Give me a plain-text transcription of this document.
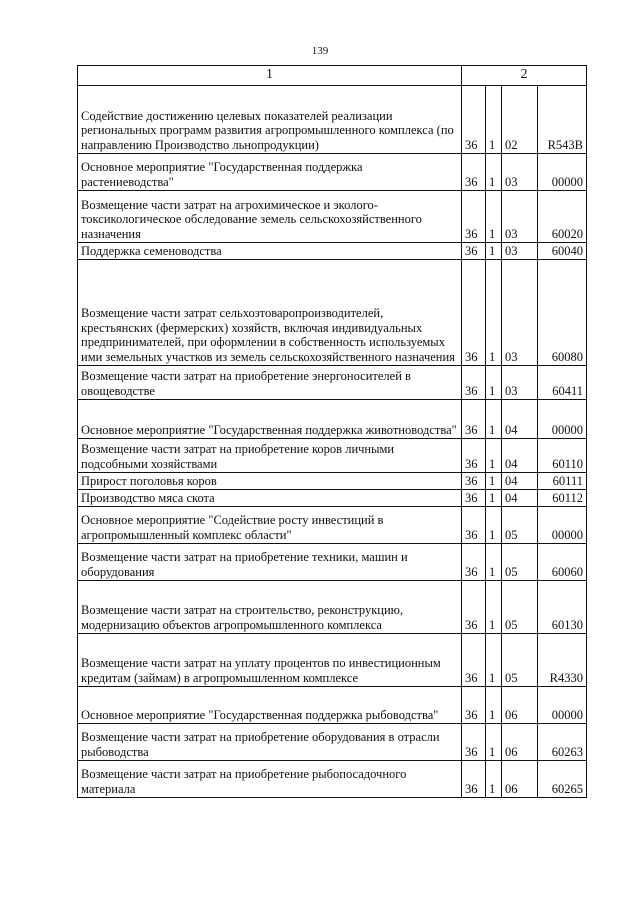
139
1	2			
Содействие достижению целевых показателей реализации региональных программ развития агропромышленного комплекса (по направлению Производство льнопродукции)	36	1	02	R543B
Основное мероприятие "Государственная поддержка растениеводства"	36	1	03	00000
Возмещение части затрат на агрохимическое и эколого-токсикологическое обследование земель сельскохозяйственного назначения	36	1	03	60020
Поддержка семеноводства	36	1	03	60040
Возмещение части затрат сельхозтоваропроизводителей, крестьянских (фермерских) хозяйств, включая индивидуальных предпринимателей, при оформлении в собственность используемых ими земельных участков из земель сельскохозяйственного назначения	36	1	03	60080
Возмещение части затрат на приобретение энергоносителей в овощеводстве	36	1	03	60411
Основное мероприятие "Государственная поддержка животноводства"	36	1	04	00000
Возмещение части затрат на приобретение коров личными подсобными хозяйствами	36	1	04	60110
Прирост поголовья коров	36	1	04	60111
Производство мяса скота	36	1	04	60112
Основное мероприятие "Содействие росту инвестиций в агропромышленный комплекс области"	36	1	05	00000
Возмещение части затрат на приобретение техники, машин и оборудования	36	1	05	60060
Возмещение части затрат на строительство, реконструкцию, модернизацию объектов агропромышленного комплекса	36	1	05	60130
Возмещение части затрат на уплату процентов по инвестиционным кредитам (займам) в агропромышленном комплексе	36	1	05	R4330
Основное мероприятие "Государственная поддержка рыбоводства"	36	1	06	00000
Возмещение части затрат на приобретение оборудования в отрасли рыбоводства	36	1	06	60263
Возмещение части затрат на приобретение рыбопосадочного материала	36	1	06	60265
